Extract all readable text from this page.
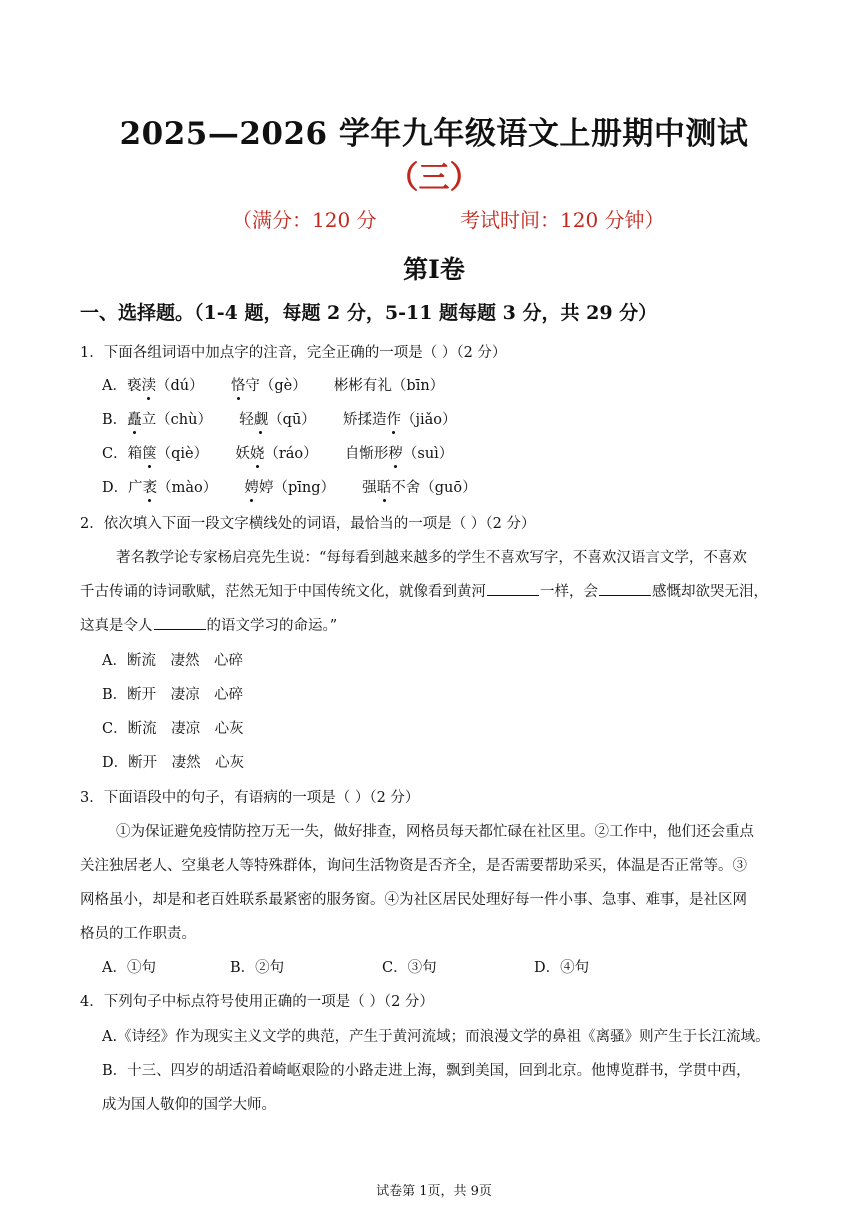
2025—2026 学年九年级语文上册期中测试
（三）
（满分：120 分	考试时间：120 分钟）
第Ⅰ卷
一、选择题。（1-4 题，每题 2 分，5-11 题每题 3 分，共 29 分）
1．下面各组词语中加点字的注音，完全正确的一项是（ ）（2 分）
A．亵渎（dú） 恪守（gè） 彬彬有礼（bīn）
B．矗立（chù） 轻觑（qū） 矫揉造作（jiǎo）
C．箱箧（qiè） 妖娆（ráo） 自惭形秽（suì）
D．广袤（mào） 娉婷（pīng） 强聒不舍（guō）
2．依次填入下面一段文字横线处的词语，最恰当的一项是（ ）（2 分）
著名教学论专家杨启亮先生说：“每每看到越来越多的学生不喜欢写字，不喜欢汉语言文学，不喜欢
千古传诵的诗词歌赋，茫然无知于中国传统文化，就像看到黄河	一样，会	感慨却欲哭无泪，
这真是令人	的语文学习的命运。”
A．断流　凄然　心碎
B．断开　凄凉　心碎
C．断流　凄凉　心灰
D．断开　凄然　心灰
3．下面语段中的句子，有语病的一项是（ ）（2 分）
①为保证避免疫情防控万无一失，做好排查，网格员每天都忙碌在社区里。②工作中，他们还会重点
关注独居老人、空巢老人等特殊群体，询问生活物资是否齐全，是否需要帮助采买，体温是否正常等。③
网格虽小，却是和老百姓联系最紧密的服务窗。④为社区居民处理好每一件小事、急事、难事，是社区网
格员的工作职责。
A．①句	B．②句	C．③句	D．④句
4．下列句子中标点符号使用正确的一项是（ ）（2 分）
A.《诗经》作为现实主义文学的典范，产生于黄河流域；而浪漫文学的鼻祖《离骚》则产生于长江流域。
B．十三、四岁的胡适沿着崎岖艰险的小路走进上海，飘到美国，回到北京。他博览群书，学贯中西，
成为国人敬仰的国学大师。
试卷第 1页，共 9页
